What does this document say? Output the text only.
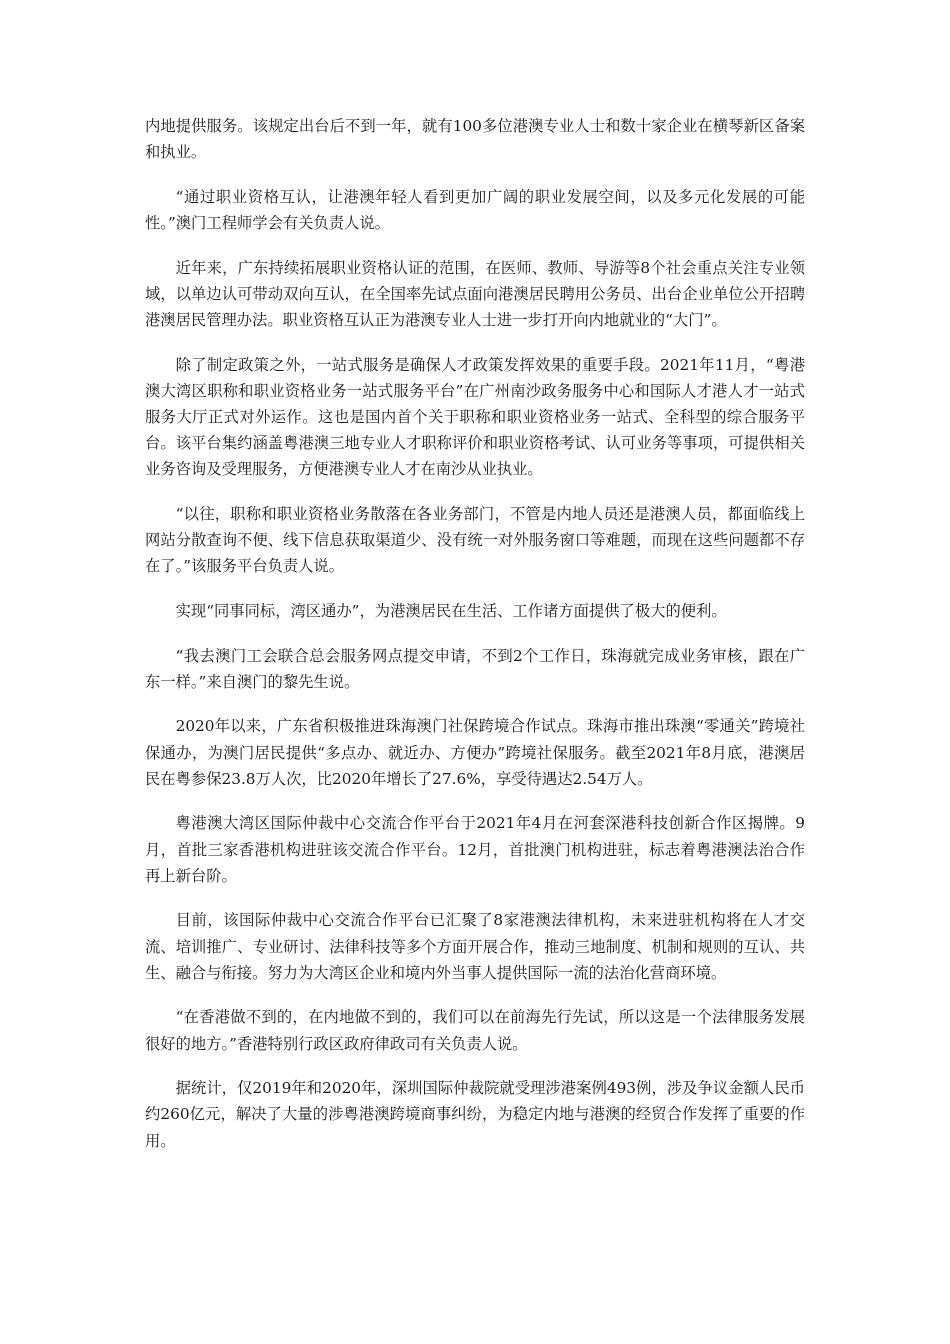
内地提供服务。该规定出台后不到一年，就有100多位港澳专业人士和数十家企业在横琴新区备案和执业。

“通过职业资格互认，让港澳年轻人看到更加广阔的职业发展空间，以及多元化发展的可能性。”澳门工程师学会有关负责人说。

近年来，广东持续拓展职业资格认证的范围，在医师、教师、导游等8个社会重点关注专业领域，以单边认可带动双向互认，在全国率先试点面向港澳居民聘用公务员、出台企业单位公开招聘港澳居民管理办法。职业资格互认正为港澳专业人士进一步打开向内地就业的“大门”。

除了制定政策之外，一站式服务是确保人才政策发挥效果的重要手段。2021年11月，“粤港澳大湾区职称和职业资格业务一站式服务平台”在广州南沙政务服务中心和国际人才港人才一站式服务大厅正式对外运作。这也是国内首个关于职称和职业资格业务一站式、全科型的综合服务平台。该平台集约涵盖粤港澳三地专业人才职称评价和职业资格考试、认可业务等事项，可提供相关业务咨询及受理服务，方便港澳专业人才在南沙从业执业。

“以往，职称和职业资格业务散落在各业务部门，不管是内地人员还是港澳人员，都面临线上网站分散查询不便、线下信息获取渠道少、没有统一对外服务窗口等难题，而现在这些问题都不存在了。”该服务平台负责人说。

实现“同事同标，湾区通办”，为港澳居民在生活、工作诸方面提供了极大的便利。

“我去澳门工会联合总会服务网点提交申请，不到2个工作日，珠海就完成业务审核，跟在广东一样。”来自澳门的黎先生说。

2020年以来，广东省积极推进珠海澳门社保跨境合作试点。珠海市推出珠澳“零通关”跨境社保通办，为澳门居民提供“多点办、就近办、方便办”跨境社保服务。截至2021年8月底，港澳居民在粤参保23.8万人次，比2020年增长了27.6%，享受待遇达2.54万人。

粤港澳大湾区国际仲裁中心交流合作平台于2021年4月在河套深港科技创新合作区揭牌。9月，首批三家香港机构进驻该交流合作平台。12月，首批澳门机构进驻，标志着粤港澳法治合作再上新台阶。

目前，该国际仲裁中心交流合作平台已汇聚了8家港澳法律机构，未来进驻机构将在人才交流、培训推广、专业研讨、法律科技等多个方面开展合作，推动三地制度、机制和规则的互认、共生、融合与衔接。努力为大湾区企业和境内外当事人提供国际一流的法治化营商环境。

“在香港做不到的，在内地做不到的，我们可以在前海先行先试，所以这是一个法律服务发展很好的地方。”香港特别行政区政府律政司有关负责人说。

据统计，仅2019年和2020年，深圳国际仲裁院就受理涉港案例493例，涉及争议金额人民币约260亿元，解决了大量的涉粤港澳跨境商事纠纷，为稳定内地与港澳的经贸合作发挥了重要的作用。
